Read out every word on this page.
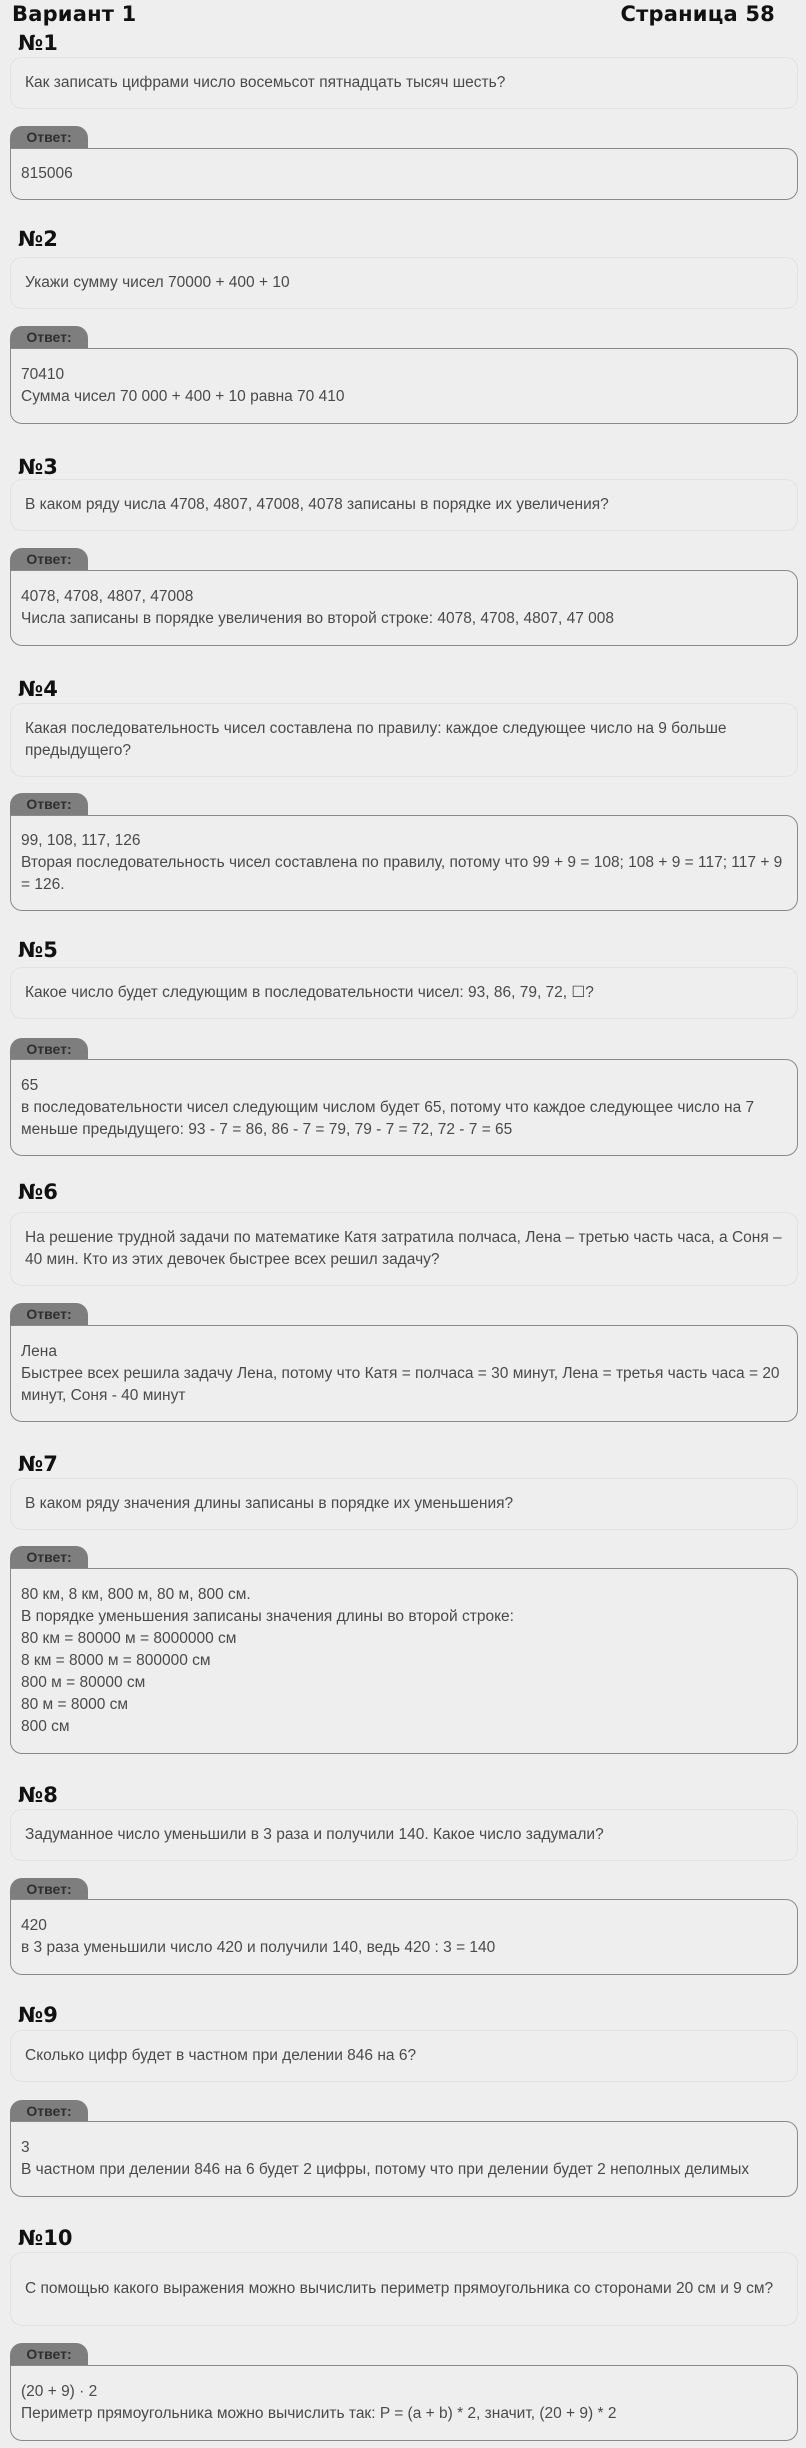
Вариант 1	Страница 58
№1
Как записать цифрами число восемьсот пятнадцать тысяч шесть?
Ответ:
815006
№2
Укажи сумму чисел 70000 + 400 + 10
Ответ:
70410
Сумма чисел 70 000 + 400 + 10 равна 70 410
№3
В каком ряду числа 4708, 4807, 47008, 4078 записаны в порядке их увеличения?
Ответ:
4078, 4708, 4807, 47008
Числа записаны в порядке увеличения во второй строке: 4078, 4708, 4807, 47 008
№4
Какая последовательность чисел составлена по правилу: каждое следующее число на 9 больше предыдущего?
Ответ:
99, 108, 117, 126
Вторая последовательность чисел составлена по правилу, потому что 99 + 9 = 108; 108 + 9 = 117; 117 + 9 = 126.
№5
Какое число будет следующим в последовательности чисел: 93, 86, 79, 72, ☐?
Ответ:
65
в последовательности чисел следующим числом будет 65, потому что каждое следующее число на 7 меньше предыдущего: 93 - 7 = 86, 86 - 7 = 79, 79 - 7 = 72, 72 - 7 = 65
№6
На решение трудной задачи по математике Катя затратила полчаса, Лена – третью часть часа, а Соня – 40 мин. Кто из этих девочек быстрее всех решил задачу?
Ответ:
Лена
Быстрее всех решила задачу Лена, потому что Катя = полчаса = 30 минут, Лена = третья часть часа = 20 минут, Соня - 40 минут
№7
В каком ряду значения длины записаны в порядке их уменьшения?
Ответ:
80 км, 8 км, 800 м, 80 м, 800 см.
В порядке уменьшения записаны значения длины во второй строке:
80 км = 80000 м = 8000000 см
8 км = 8000 м = 800000 см
800 м = 80000 см
80 м = 8000 см
800 см
№8
Задуманное число уменьшили в 3 раза и получили 140. Какое число задумали?
Ответ:
420
в 3 раза уменьшили число 420 и получили 140, ведь 420 : 3 = 140
№9
Сколько цифр будет в частном при делении 846 на 6?
Ответ:
3
В частном при делении 846 на 6 будет 2 цифры, потому что при делении будет 2 неполных делимых
№10
С помощью какого выражения можно вычислить периметр прямоугольника со сторонами 20 см и 9 см?
Ответ:
(20 + 9) · 2
Периметр прямоугольника можно вычислить так: P = (a + b) * 2, значит, (20 + 9) * 2
